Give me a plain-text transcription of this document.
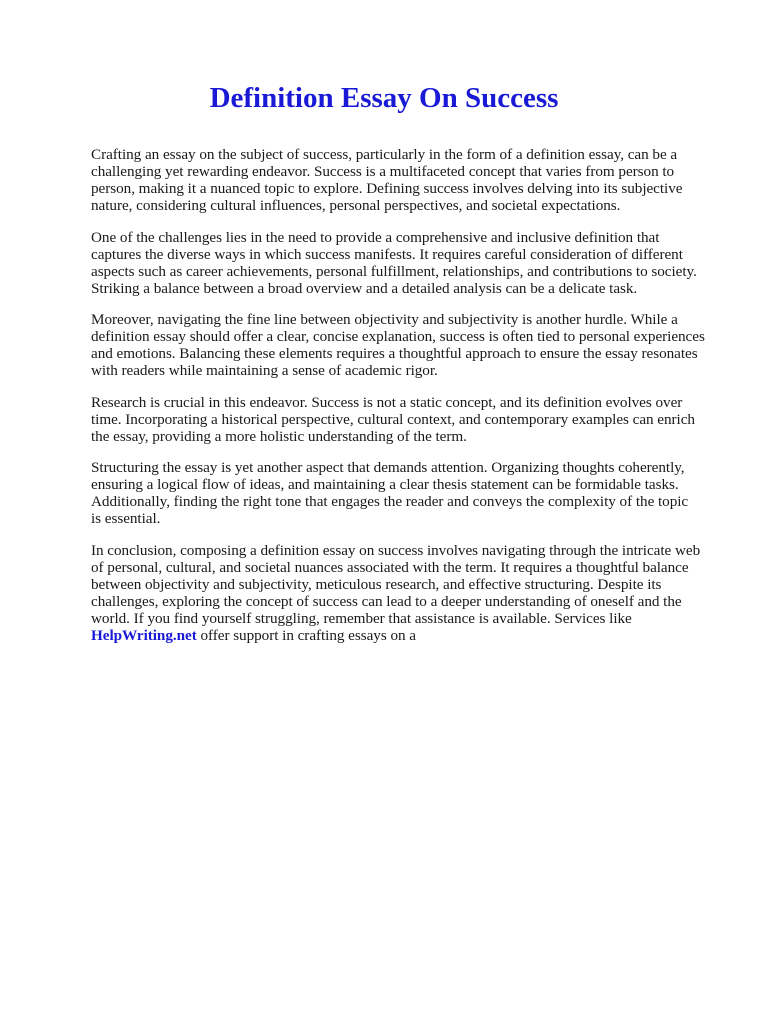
Definition Essay On Success

Crafting an essay on the subject of success, particularly in the form of a definition essay, can be a
challenging yet rewarding endeavor. Success is a multifaceted concept that varies from person to
person, making it a nuanced topic to explore. Defining success involves delving into its subjective
nature, considering cultural influences, personal perspectives, and societal expectations.

One of the challenges lies in the need to provide a comprehensive and inclusive definition that
captures the diverse ways in which success manifests. It requires careful consideration of different
aspects such as career achievements, personal fulfillment, relationships, and contributions to society.
Striking a balance between a broad overview and a detailed analysis can be a delicate task.

Moreover, navigating the fine line between objectivity and subjectivity is another hurdle. While a
definition essay should offer a clear, concise explanation, success is often tied to personal experiences
and emotions. Balancing these elements requires a thoughtful approach to ensure the essay resonates
with readers while maintaining a sense of academic rigor.

Research is crucial in this endeavor. Success is not a static concept, and its definition evolves over
time. Incorporating a historical perspective, cultural context, and contemporary examples can enrich
the essay, providing a more holistic understanding of the term.

Structuring the essay is yet another aspect that demands attention. Organizing thoughts coherently,
ensuring a logical flow of ideas, and maintaining a clear thesis statement can be formidable tasks.
Additionally, finding the right tone that engages the reader and conveys the complexity of the topic
is essential.

In conclusion, composing a definition essay on success involves navigating through the intricate web
of personal, cultural, and societal nuances associated with the term. It requires a thoughtful balance
between objectivity and subjectivity, meticulous research, and effective structuring. Despite its
challenges, exploring the concept of success can lead to a deeper understanding of oneself and the
world. If you find yourself struggling, remember that assistance is available. Services like
HelpWriting.net offer support in crafting essays on a
